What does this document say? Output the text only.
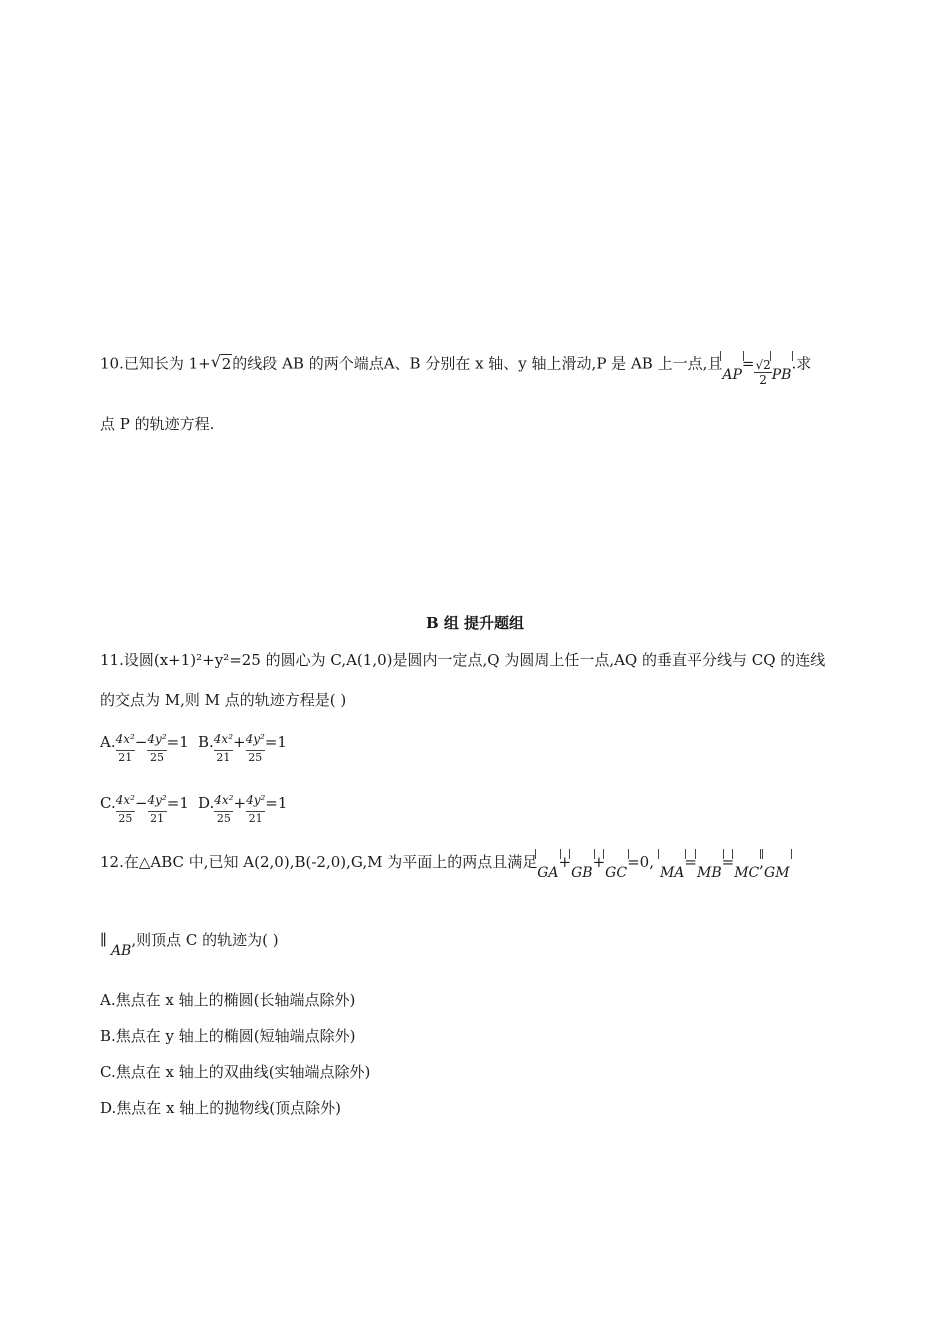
10.已知长为 1+ √ 2的线段 AB 的两个端点A、B 分别在 x 轴、y 轴上滑动,P 是 AB 上一点,且
$AP= \frac{√2}{2}$ PB.求
点 P 的轨迹方程.
B 组 提升题组
11.设圆(x+1)²+y²=25 的圆心为 C,A(1,0)是圆内一定点,Q 为圆周上任一点,AQ 的垂直平分线与 CQ 的连线
的交点为 M,则 M 点的轨迹方程是( )
A. $\frac{\text{4x²}}{21} - \frac{\text{4y²}}{25} =1$ B. $\frac{\text{4x²}}{21} + \frac{\text{4y²}}{25} =1$
C. $\frac{\text{4x²}}{25} - \frac{\text{4y²}}{21} =1$ D. $\frac{\text{4x²}}{25} + \frac{\text{4y²}}{21} =1$
12.在△ABC 中,已知 A(2,0),B(-2,0),G,M 为平面上的两点且满足
GA+
GB+
GC=0,
MA=
MB=
MC,
GM
∥AB,则顶点 C 的轨迹为( )
A.焦点在 x 轴上的椭圆(长轴端点除外)
B.焦点在 y 轴上的椭圆(短轴端点除外)
C.焦点在 x 轴上的双曲线(实轴端点除外)
D.焦点在 x 轴上的抛物线(顶点除外)
